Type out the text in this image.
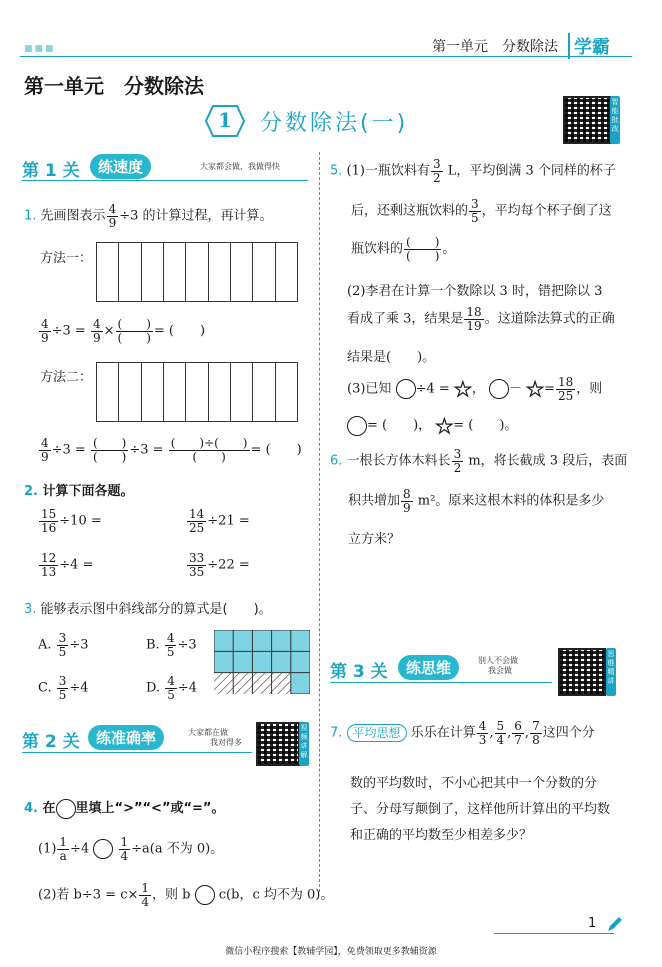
■■■	第一单元　分数除法 学霸
第一单元　分数除法
1 分数除法(一)
智能批改
第 1 关	练速度	大家都会做，我做得快
1. 先画图表示 $\frac{4}{9} \div 3$ 的计算过程，再计算。
方法一：
$\frac{4}{9} \div 3 = \frac{4}{9} \times \frac{( )}{( )}$ = (　　)
方法二：
$\frac{4}{9} \div 3 = \frac{( )}{( )} \div 3 = \frac{( )\div( )}{( )}$ = (　　)
2. 计算下面各题。
$\frac{15}{16} \div 10$ =	$\frac{14}{25} \div 21$ =
$\frac{12}{13} \div 4$ =	$\frac{33}{35} \div 22$ =
3. 能够表示图中斜线部分的算式是(　　)。
A. $\frac{3}{5} \div 3$	B. $\frac{4}{5} \div 3$
C. $\frac{3}{5} \div 4$	D. $\frac{4}{5} \div 4$
第 2 关	练准确率	大家都在做
我对得多
视频讲解
4. 在 里填上“>”“<”或“=”。
$(1) \frac{1}{a} \div 4 \frac{1}{4} \div a(a$ 不为 0)。
(2)若 $b\div 3 = c\times \frac{1}{4}$ ，则 b c(b，c 均不为 0)。
5. (1)一瓶饮料有 $\frac{3}{2}$ L，平均倒满 3 个同样的杯子
后，还剩这瓶饮料的 $\frac{3}{5}$ ，平均每个杯子倒了这
瓶饮料的 $\frac{( )}{( )}$ 。
(2)李君在计算一个数除以 3 时，错把除以 3
看成了乘 3，结果是 $\frac{18}{19}$ 。这道除法算式的正确
结果是(　　)。
(3)已知 ÷4 = ★， － ★= $\frac{18}{25}$ ，则
= (　　)， ★= (　　)。
6. 一根长方体木料长 $\frac{3}{2}$ m，将长截成 3 段后，表面
积共增加 $\frac{8}{9} m^2$。原来这根木料的体积是多少
立方米？
第 3 关	练思维	别人不会做
我会做
思维精讲
7. 平均思想 乐乐在计算 $\frac{4}{3}$ , $\frac{5}{4}$ , $\frac{6}{7}$ , $\frac{7}{8}$ 这四个分
数的平均数时，不小心把其中一个分数的分
子、分母写颠倒了，这样他所计算出的平均数
和正确的平均数至少相差多少？
1
微信小程序搜索【教辅学园】，免费领取更多教辅资源
